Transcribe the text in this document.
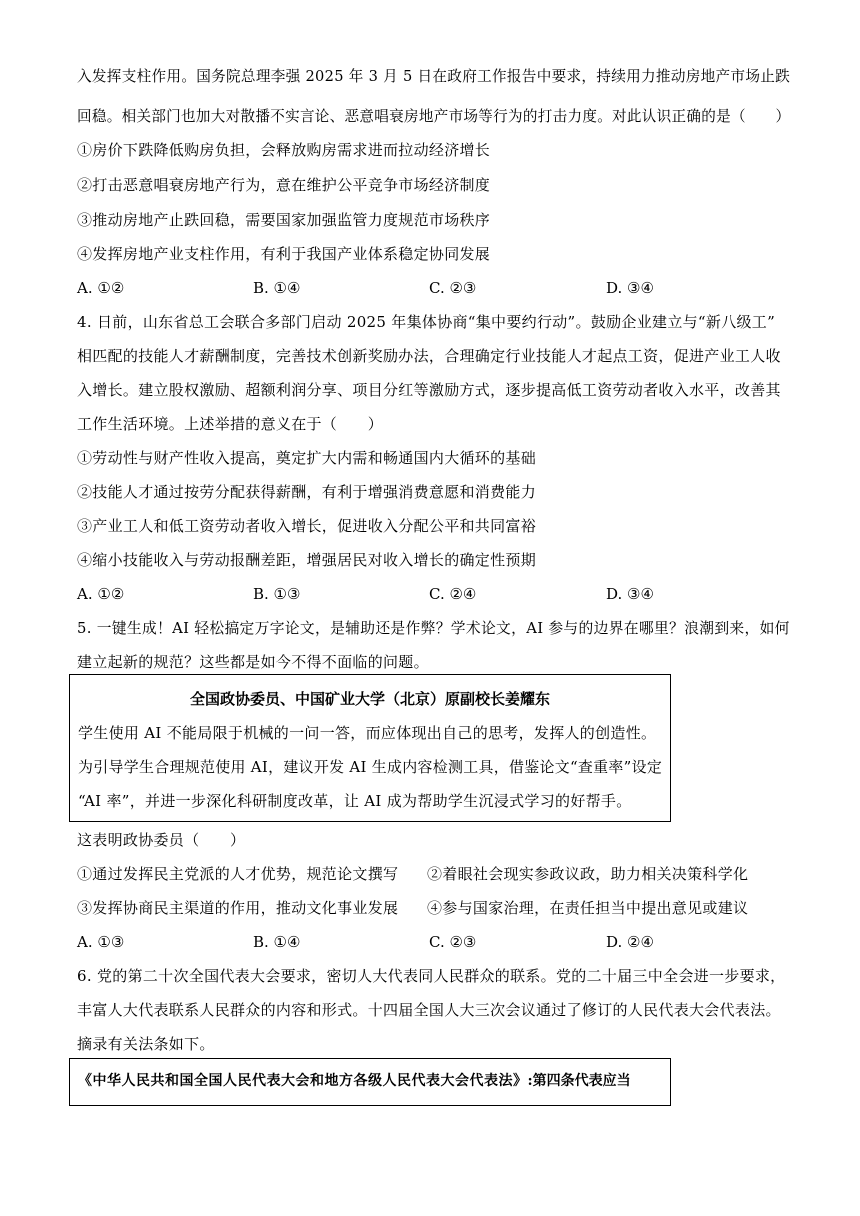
入发挥支柱作用。国务院总理李强 2025 年 3 月 5 日在政府工作报告中要求，持续用力推动房地产市场止跌
回稳。相关部门也加大对散播不实言论、恶意唱衰房地产市场等行为的打击力度。对此认识正确的是（　　）
①房价下跌降低购房负担，会释放购房需求进而拉动经济增长
②打击恶意唱衰房地产行为，意在维护公平竞争市场经济制度
③推动房地产止跌回稳，需要国家加强监管力度规范市场秩序
④发挥房地产业支柱作用，有利于我国产业体系稳定协同发展
A. ①②	B. ①④	C. ②③	D. ③④
4. 日前，山东省总工会联合多部门启动 2025 年集体协商“集中要约行动”。鼓励企业建立与“新八级工”
相匹配的技能人才薪酬制度，完善技术创新奖励办法，合理确定行业技能人才起点工资，促进产业工人收
入增长。建立股权激励、超额利润分享、项目分红等激励方式，逐步提高低工资劳动者收入水平，改善其
工作生活环境。上述举措的意义在于（　　）
①劳动性与财产性收入提高，奠定扩大内需和畅通国内大循环的基础
②技能人才通过按劳分配获得薪酬，有利于增强消费意愿和消费能力
③产业工人和低工资劳动者收入增长，促进收入分配公平和共同富裕
④缩小技能收入与劳动报酬差距，增强居民对收入增长的确定性预期
A. ①②	B. ①③	C. ②④	D. ③④
5. 一键生成！AI 轻松搞定万字论文，是辅助还是作弊？学术论文，AI 参与的边界在哪里？浪潮到来，如何
建立起新的规范？这些都是如今不得不面临的问题。
全国政协委员、中国矿业大学（北京）原副校长姜耀东
学生使用 AI 不能局限于机械的一问一答，而应体现出自己的思考，发挥人的创造性。
为引导学生合理规范使用 AI，建议开发 AI 生成内容检测工具，借鉴论文“查重率”设定
“AI 率”，并进一步深化科研制度改革，让 AI 成为帮助学生沉浸式学习的好帮手。
这表明政协委员（　　）
①通过发挥民主党派的人才优势，规范论文撰写 ②着眼社会现实参政议政，助力相关决策科学化
③发挥协商民主渠道的作用，推动文化事业发展 ④参与国家治理，在责任担当中提出意见或建议
A. ①③	B. ①④	C. ②③	D. ②④
6. 党的第二十次全国代表大会要求，密切人大代表同人民群众的联系。党的二十届三中全会进一步要求，
丰富人大代表联系人民群众的内容和形式。十四届全国人大三次会议通过了修订的人民代表大会代表法。
摘录有关法条如下。
《中华人民共和国全国人民代表大会和地方各级人民代表大会代表法》:第四条代表应当
